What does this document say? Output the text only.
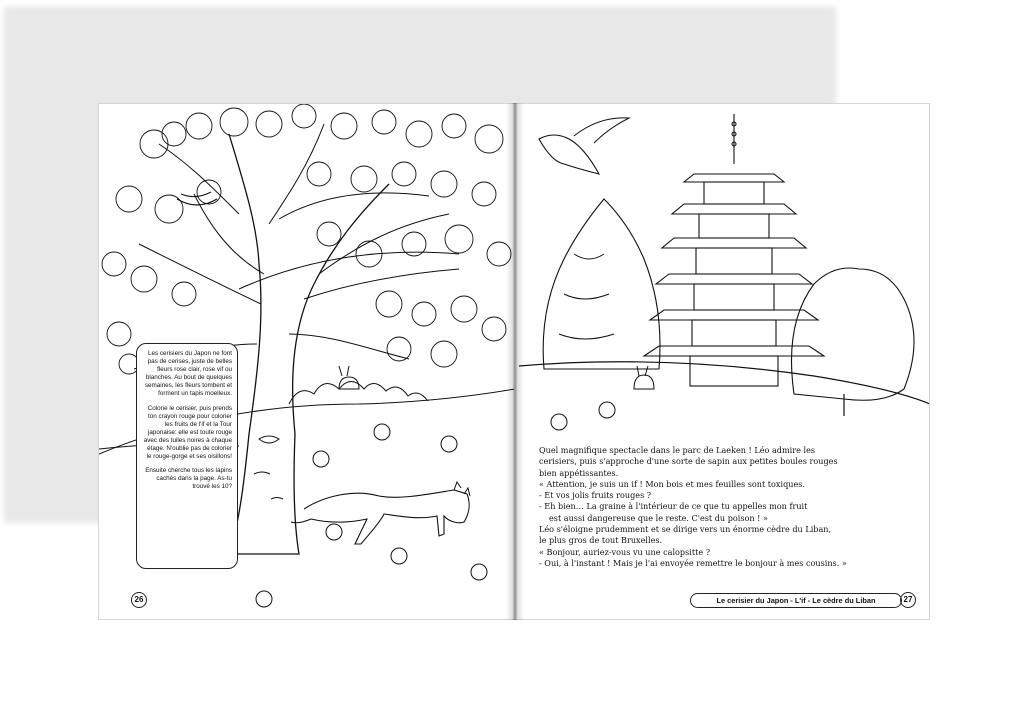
Les cerisiers du Japon ne font pas de cerises, juste de belles fleurs rose clair, rose vif ou blanches. Au bout de quelques semaines, les fleurs tombent et forment un tapis moelleux.

Colorie le cerisier, puis prends ton crayon rouge pour colorier les fruits de l'if et la Tour japonaise: elle est toute rouge avec des tuiles noires à chaque étage. N'oublie pas de colorier le rouge-gorge et ses oisillons!

Ensuite cherche tous les lapins cachés dans la page. As-tu trouvé les 10?

26
Quel magnifique spectacle dans le parc de Laeken ! Léo admire les
cerisiers, puis s'approche d'une sorte de sapin aux petites boules rouges
bien appétissantes.
« Attention, je suis un if ! Mon bois et mes feuilles sont toxiques.
- Et vos jolis fruits rouges ?
- Eh bien… La graine à l'intérieur de ce que tu appelles mon fruit
est aussi dangereuse que le reste. C'est du poison ! »
Léo s'éloigne prudemment et se dirige vers un énorme cèdre du Liban,
le plus gros de tout Bruxelles.
« Bonjour, auriez-vous vu une calopsitte ?
- Oui, à l'instant ! Mais je l'ai envoyée remettre le bonjour à mes cousins. »
Le cerisier du Japon - L'if - Le cèdre du Liban	27
